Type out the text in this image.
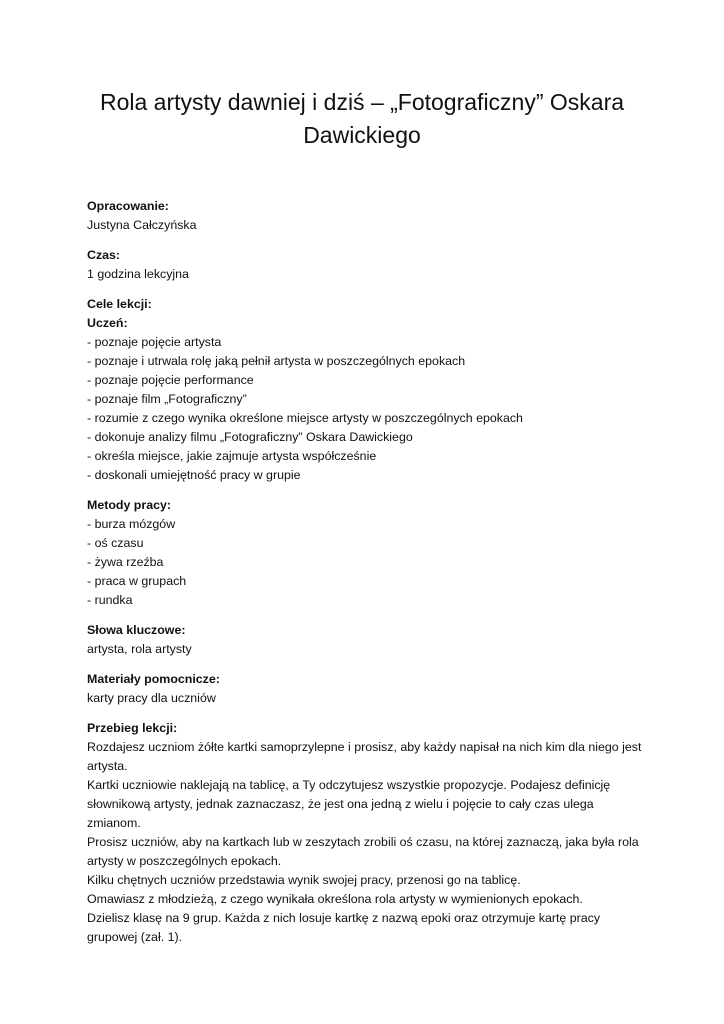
Rola artysty dawniej i dziś – „Fotograficzny” Oskara Dawickiego
Opracowanie:
Justyna Całczyńska
Czas:
1 godzina lekcyjna
Cele lekcji:
Uczeń:
- poznaje pojęcie artysta
- poznaje i utrwala rolę jaką pełnił artysta w poszczególnych epokach
- poznaje pojęcie performance
- poznaje film „Fotograficzny”
- rozumie z czego wynika określone miejsce artysty w poszczególnych epokach
- dokonuje analizy filmu „Fotograficzny” Oskara Dawickiego
- określa miejsce, jakie zajmuje artysta współcześnie
- doskonali umiejętność pracy w grupie
Metody pracy:
- burza mózgów
- oś czasu
- żywa rzeźba
- praca w grupach
- rundka
Słowa kluczowe:
artysta, rola artysty
Materiały pomocnicze:
karty pracy dla uczniów
Przebieg lekcji:
Rozdajesz uczniom żółte kartki samoprzylepne i prosisz, aby każdy napisał na nich kim dla niego jest artysta.
Kartki uczniowie naklejają na tablicę, a Ty odczytujesz wszystkie propozycje. Podajesz definicję słownikową artysty, jednak zaznaczasz, że jest ona jedną z wielu i pojęcie to cały czas ulega zmianom.
Prosisz uczniów, aby na kartkach lub w zeszytach zrobili oś czasu, na której zaznaczą, jaka była rola artysty w poszczególnych epokach.
Kilku chętnych uczniów przedstawia wynik swojej pracy, przenosi go na tablicę.
Omawiasz z młodzieżą, z czego wynikała określona rola artysty w wymienionych epokach.
Dzielisz klasę na 9 grup. Każda z nich losuje kartkę z nazwą epoki oraz otrzymuje kartę pracy grupowej (zał. 1).
